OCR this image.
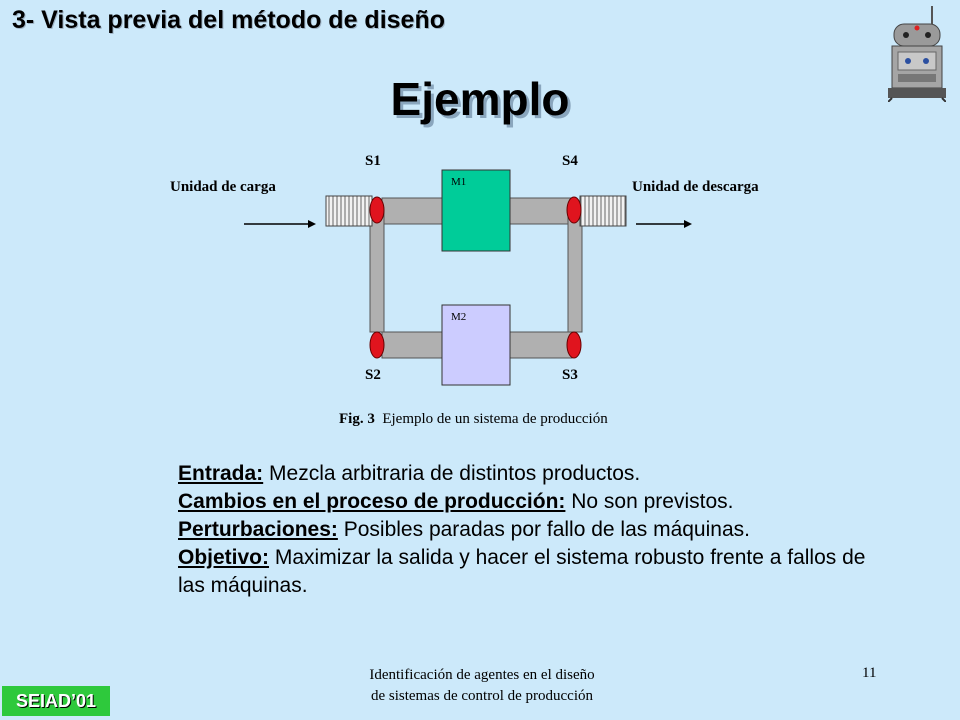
3- Vista previa del método de diseño
Ejemplo
S1	S4
S2	S3
Unidad de carga	Unidad de descarga
M1
M2
Fig. 3 Ejemplo de un sistema de producción
Entrada: Mezcla arbitraria de distintos productos.
Cambios en el proceso de producción: No son previstos.
Perturbaciones: Posibles paradas por fallo de las máquinas.
Objetivo: Maximizar la salida y hacer el sistema robusto frente a fallos de las máquinas.
Identificación de agentes en el diseño
de sistemas de control de producción
11
SEIAD’01
